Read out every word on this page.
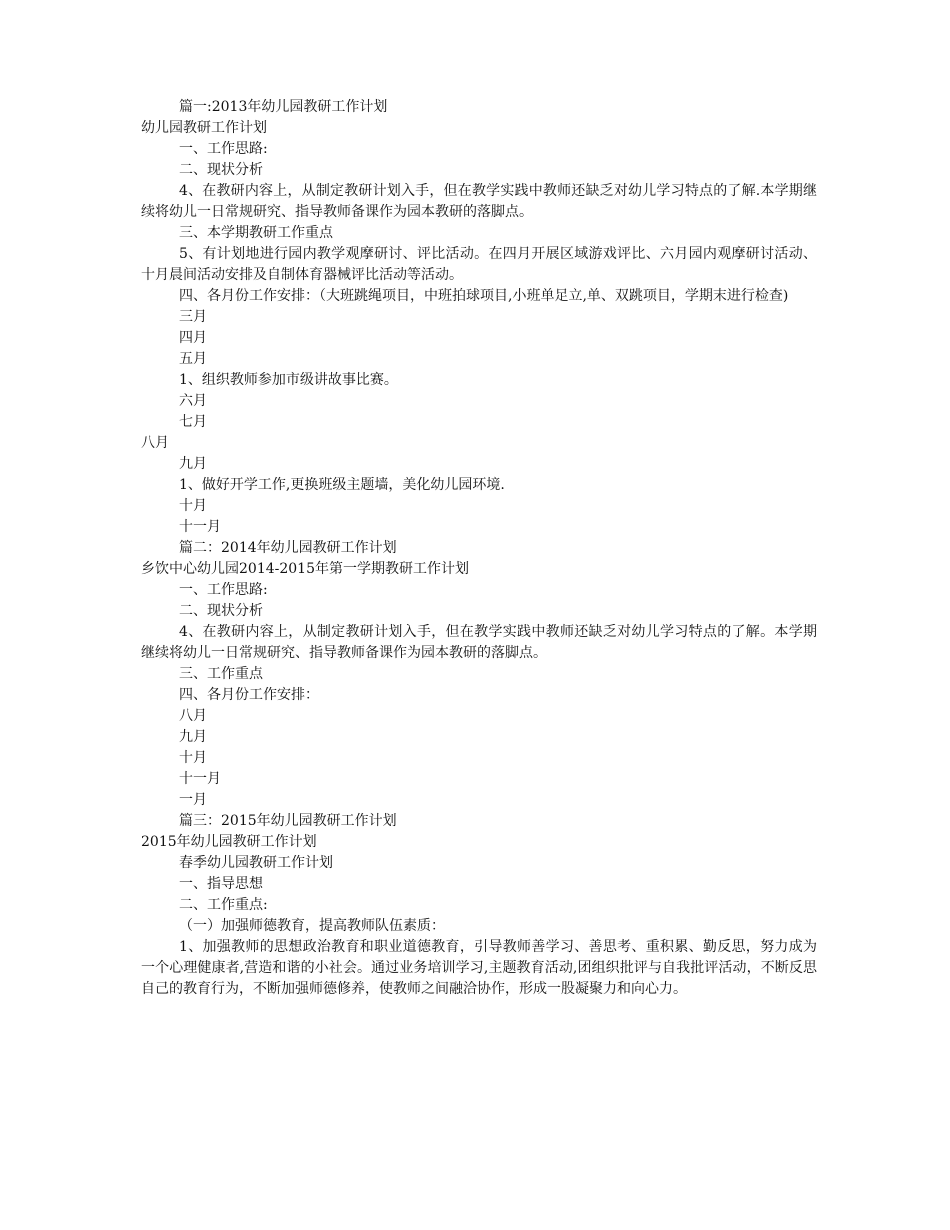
篇一:2013年幼儿园教研工作计划
幼儿园教研工作计划
一、工作思路:
二、现状分析
4、在教研内容上，从制定教研计划入手，但在教学实践中教师还缺乏对幼儿学习特点的了解.本学期继续将幼儿一日常规研究、指导教师备课作为园本教研的落脚点。
三、本学期教研工作重点
5、有计划地进行园内教学观摩研讨、评比活动。在四月开展区域游戏评比、六月园内观摩研讨活动、十月晨间活动安排及自制体育器械评比活动等活动。
四、各月份工作安排：（大班跳绳项目，中班拍球项目,小班单足立,单、双跳项目，学期末进行检查)
三月
四月
五月
1、组织教师参加市级讲故事比赛。
六月
七月
八月
九月
1、做好开学工作,更换班级主题墙，美化幼儿园环境.
十月
十一月
篇二：2014年幼儿园教研工作计划
乡饮中心幼儿园2014-2015年第一学期教研工作计划
一、工作思路:
二、现状分析
4、在教研内容上，从制定教研计划入手，但在教学实践中教师还缺乏对幼儿学习特点的了解。本学期继续将幼儿一日常规研究、指导教师备课作为园本教研的落脚点。
三、工作重点
四、各月份工作安排：
八月
九月
十月
十一月
一月
篇三：2015年幼儿园教研工作计划
2015年幼儿园教研工作计划
春季幼儿园教研工作计划
一、指导思想
二、工作重点:
（一）加强师德教育，提高教师队伍素质：
1、加强教师的思想政治教育和职业道德教育，引导教师善学习、善思考、重积累、勤反思，努力成为一个心理健康者,营造和谐的小社会。通过业务培训学习,主题教育活动,团组织批评与自我批评活动，不断反思自己的教育行为，不断加强师德修养，使教师之间融洽协作，形成一股凝聚力和向心力。
